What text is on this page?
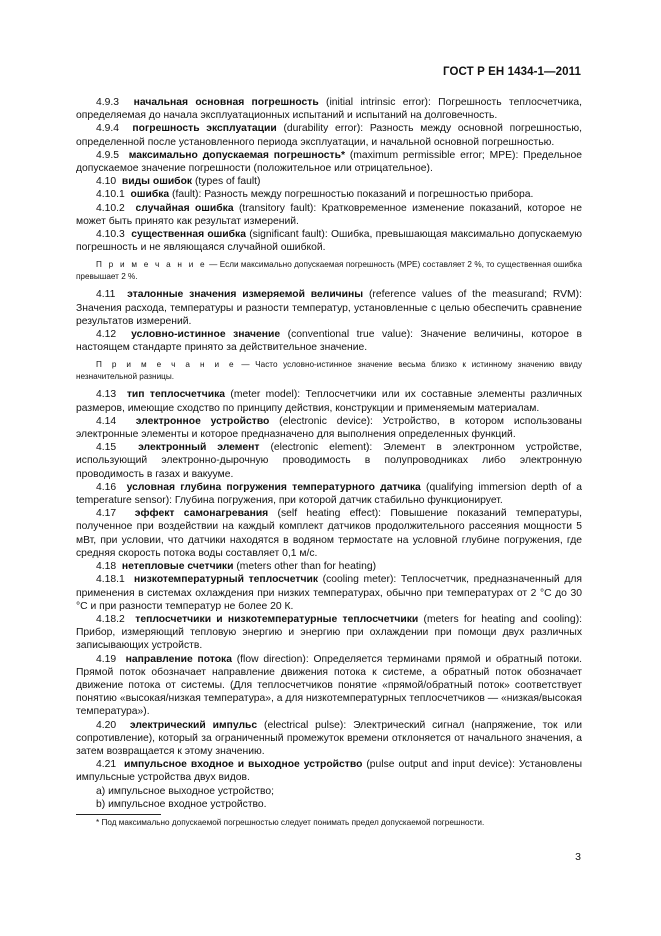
ГОСТ Р ЕН 1434-1—2011

4.9.3 начальная основная погрешность (initial intrinsic error): Погрешность теплосчетчика, определяемая до начала эксплуатационных испытаний и испытаний на долговечность.

4.9.4 погрешность эксплуатации (durability error): Разность между основной погрешностью, определенной после установленного периода эксплуатации, и начальной основной погрешностью.

4.9.5 максимально допускаемая погрешность* (maximum permissible error; MPE): Предельное допускаемое значение погрешности (положительное или отрицательное).

4.10 виды ошибок (types of fault)

4.10.1 ошибка (fault): Разность между погрешностью показаний и погрешностью прибора.

4.10.2 случайная ошибка (transitory fault): Кратковременное изменение показаний, которое не может быть принято как результат измерений.

4.10.3 существенная ошибка (significant fault): Ошибка, превышающая максимально допускаемую погрешность и не являющаяся случайной ошибкой.

П р и м е ч а н и е — Если максимально допускаемая погрешность (MPE) составляет 2 %, то существенная ошибка превышает 2 %.

4.11 эталонные значения измеряемой величины (reference values of the measurand; RVM): Значения расхода, температуры и разности температур, установленные с целью обеспечить сравнение результатов измерений.

4.12 условно-истинное значение (conventional true value): Значение величины, которое в настоящем стандарте принято за действительное значение.

П р и м е ч а н и е — Часто условно-истинное значение весьма близко к истинному значению ввиду незначительной разницы.

4.13 тип теплосчетчика (meter model): Теплосчетчики или их составные элементы различных размеров, имеющие сходство по принципу действия, конструкции и применяемым материалам.

4.14 электронное устройство (electronic device): Устройство, в котором использованы электронные элементы и которое предназначено для выполнения определенных функций.

4.15 электронный элемент (electronic element): Элемент в электронном устройстве, использующий электронно-дырочную проводимость в полупроводниках либо электронную проводимость в газах и вакууме.

4.16 условная глубина погружения температурного датчика (qualifying immersion depth of a temperature sensor): Глубина погружения, при которой датчик стабильно функционирует.

4.17 эффект самонагревания (self heating effect): Повышение показаний температуры, полученное при воздействии на каждый комплект датчиков продолжительного рассеяния мощности 5 мВт, при условии, что датчики находятся в водяном термостате на условной глубине погружения, где средняя скорость потока воды составляет 0,1 м/с.

4.18 нетепловые счетчики (meters other than for heating)

4.18.1 низкотемпературный теплосчетчик (cooling meter): Теплосчетчик, предназначенный для применения в системах охлаждения при низких температурах, обычно при температурах от 2 °С до 30 °С и при разности температур не более 20 К.

4.18.2 теплосчетчики и низкотемпературные теплосчетчики (meters for heating and cooling): Прибор, измеряющий тепловую энергию и энергию при охлаждении при помощи двух различных записывающих устройств.

4.19 направление потока (flow direction): Определяется терминами прямой и обратный потоки. Прямой поток обозначает направление движения потока к системе, а обратный поток обозначает движение потока от системы. (Для теплосчетчиков понятие «прямой/обратный поток» соответствует понятию «высокая/низкая температура», а для низкотемпературных теплосчетчиков — «низкая/высокая температура»).

4.20 электрический импульс (electrical pulse): Электрический сигнал (напряжение, ток или сопротивление), который за ограниченный промежуток времени отклоняется от начального значения, а затем возвращается к этому значению.

4.21 импульсное входное и выходное устройство (pulse output and input device): Установлены импульсные устройства двух видов.

а) импульсное выходное устройство;

b) импульсное входное устройство.

* Под максимально допускаемой погрешностью следует понимать предел допускаемой погрешности.

3
